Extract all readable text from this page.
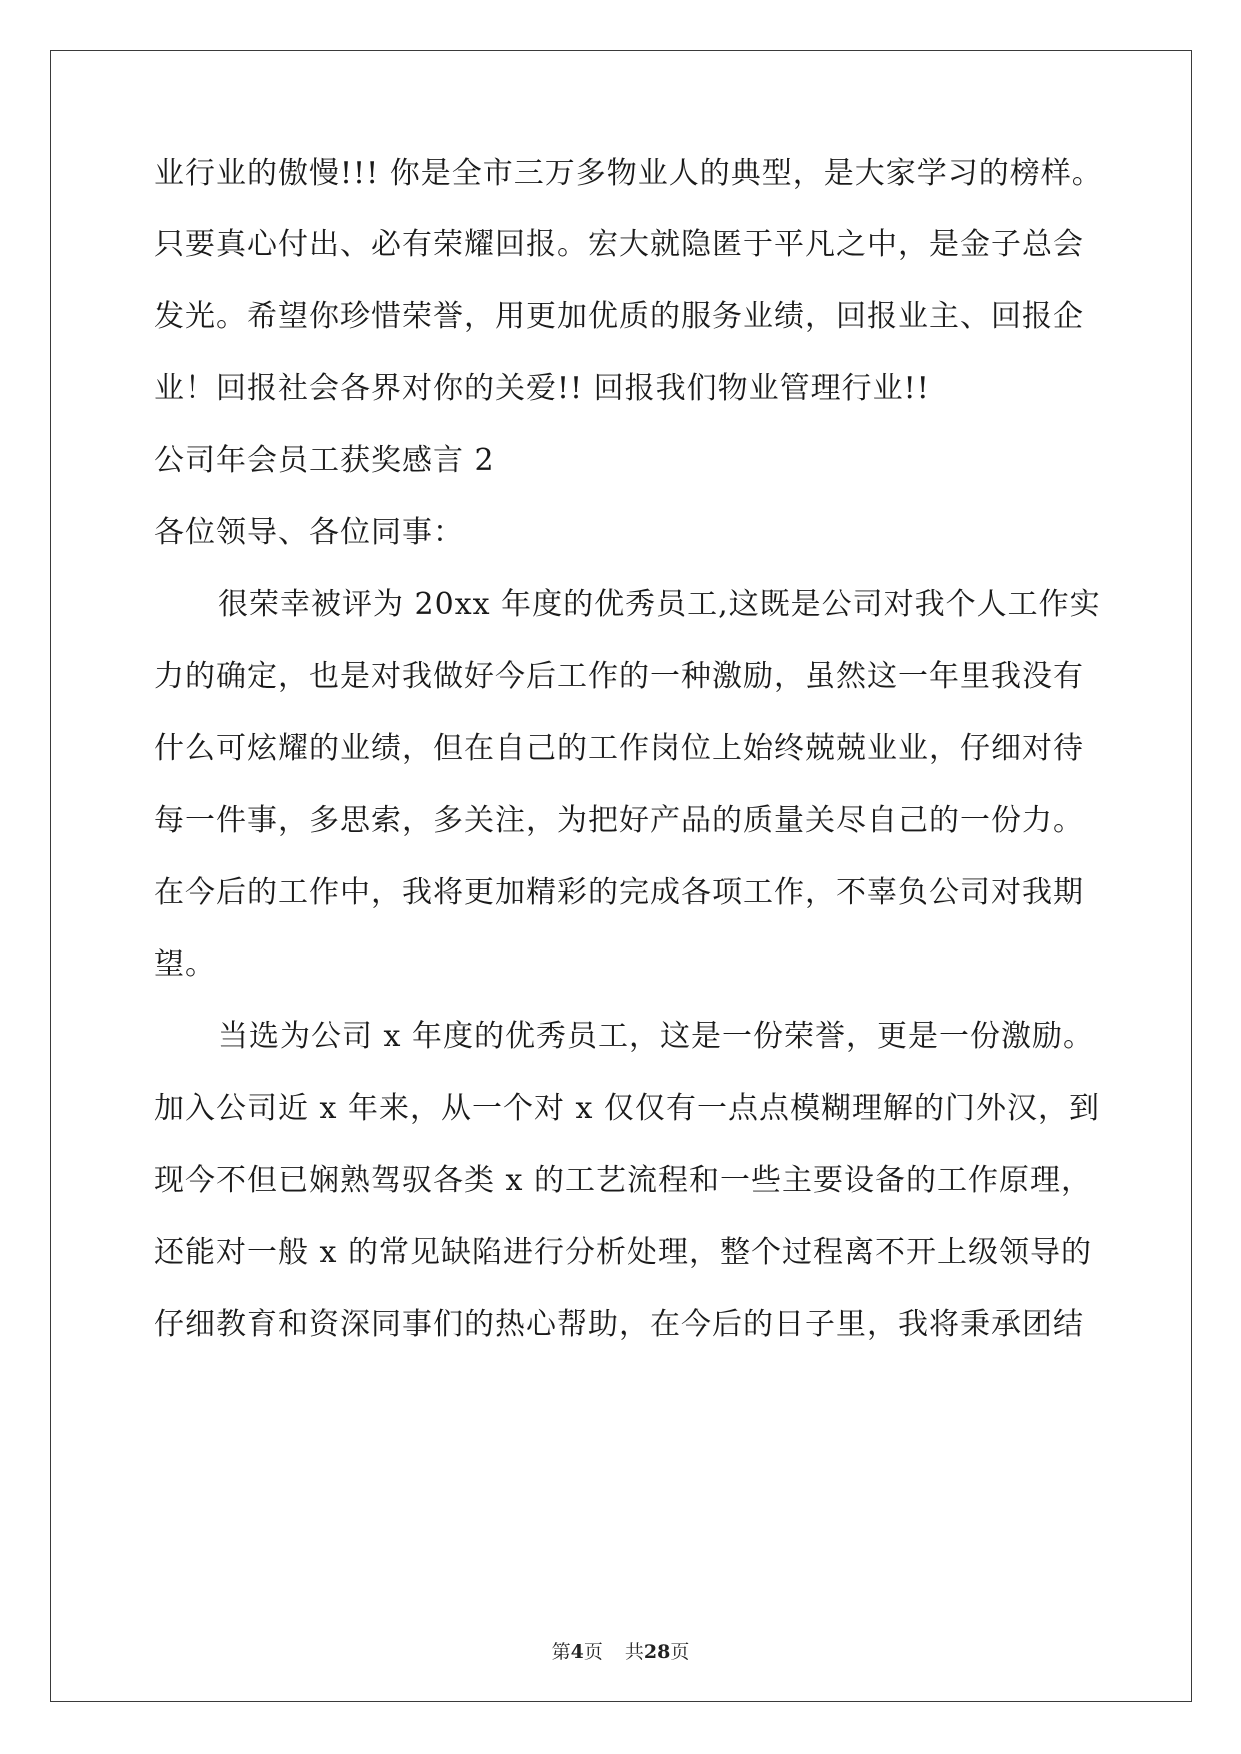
业行业的傲慢!!! 你是全市三万多物业人的典型，是大家学习的榜样。
只要真心付出、必有荣耀回报。宏大就隐匿于平凡之中，是金子总会
发光。希望你珍惜荣誉，用更加优质的服务业绩，回报业主、回报企
业！回报社会各界对你的关爱!! 回报我们物业管理行业!!
公司年会员工获奖感言 2
各位领导、各位同事：
很荣幸被评为 20xx 年度的优秀员工,这既是公司对我个人工作实
力的确定，也是对我做好今后工作的一种激励，虽然这一年里我没有
什么可炫耀的业绩，但在自己的工作岗位上始终兢兢业业，仔细对待
每一件事，多思索，多关注，为把好产品的质量关尽自己的一份力。
在今后的工作中，我将更加精彩的完成各项工作，不辜负公司对我期
望。
当选为公司 x 年度的优秀员工，这是一份荣誉，更是一份激励。
加入公司近 x 年来，从一个对 x 仅仅有一点点模糊理解的门外汉，到
现今不但已娴熟驾驭各类 x 的工艺流程和一些主要设备的工作原理，
还能对一般 x 的常见缺陷进行分析处理，整个过程离不开上级领导的
仔细教育和资深同事们的热心帮助，在今后的日子里，我将秉承团结
第4页 共28页
